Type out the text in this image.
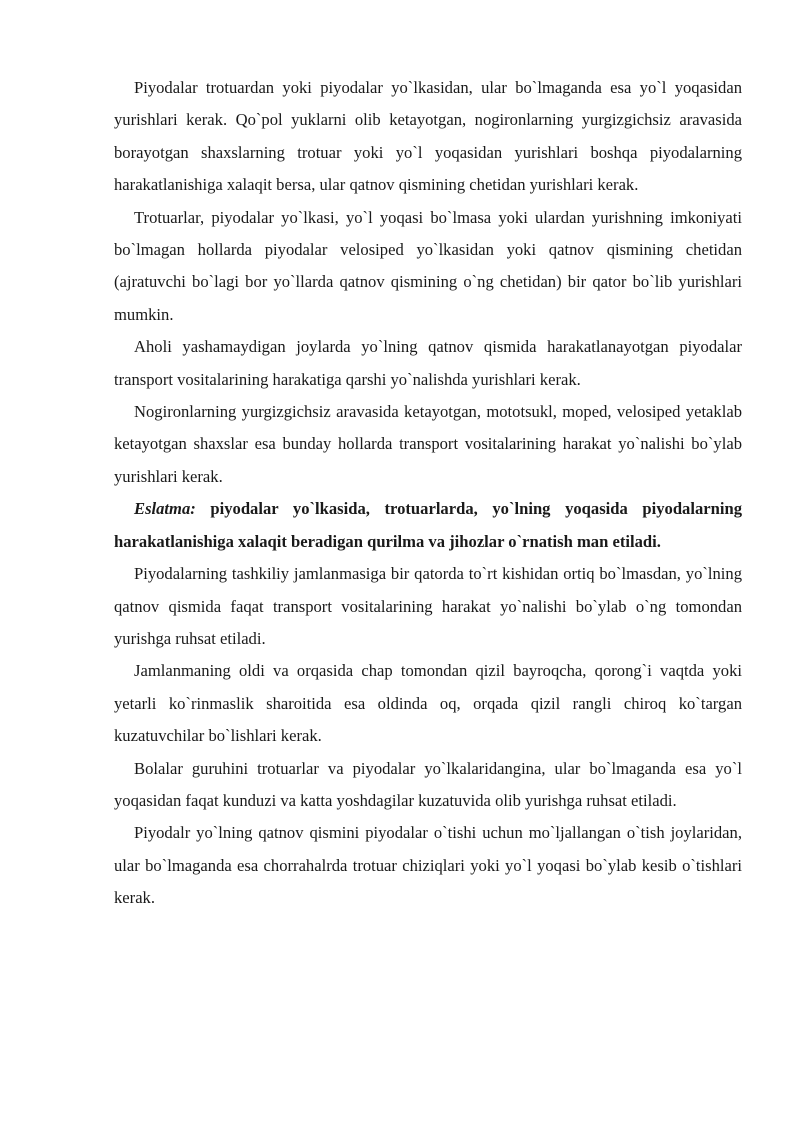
Piyodalar trotuardan yoki piyodalar yo`lkasidan, ular bo`lmaganda esa yo`l yoqasidan yurishlari kerak. Qo`pol yuklarni olib ketayotgan, nogironlarning yurgizgichsiz aravasida borayotgan shaxslarning trotuar yoki yo`l yoqasidan yurishlari boshqa piyodalarning harakatlanishiga xalaqit bersa, ular qatnov qismining chetidan yurishlari kerak.

Trotuarlar, piyodalar yo`lkasi, yo`l yoqasi bo`lmasa yoki ulardan yurishning imkoniyati bo`lmagan hollarda piyodalar velosiped yo`lkasidan yoki qatnov qismining chetidan (ajratuvchi bo`lagi bor yo`llarda qatnov qismining o`ng chetidan) bir qator bo`lib yurishlari mumkin.

Aholi yashamaydigan joylarda yo`lning qatnov qismida harakatlanayotgan piyodalar transport vositalarining harakatiga qarshi yo`nalishda yurishlari kerak.

Nogironlarning yurgizgichsiz aravasida ketayotgan, mototsukl, moped, velosiped yetaklab ketayotgan shaxslar esa bunday hollarda transport vositalarining harakat yo`nalishi bo`ylab yurishlari kerak.

Eslatma: piyodalar yo`lkasida, trotuarlarda, yo`lning yoqasida piyodalarning harakatlanishiga xalaqit beradigan qurilma va jihozlar o`rnatish man etiladi.

Piyodalarning tashkiliy jamlanmasiga bir qatorda to`rt kishidan ortiq bo`lmasdan, yo`lning qatnov qismida faqat transport vositalarining harakat yo`nalishi bo`ylab o`ng tomondan yurishga ruhsat etiladi.

Jamlanmaning oldi va orqasida chap tomondan qizil bayroqcha, qorong`i vaqtda yoki yetarli ko`rinmaslik sharoitida esa oldinda oq, orqada qizil rangli chiroq ko`targan kuzatuvchilar bo`lishlari kerak.

Bolalar guruhini trotuarlar va piyodalar yo`lkalaridangina, ular bo`lmaganda esa yo`l yoqasidan faqat kunduzi va katta yoshdagilar kuzatuvida olib yurishga ruhsat etiladi.

Piyodalr yo`lning qatnov qismini piyodalar o`tishi uchun mo`ljallangan o`tish joylaridan, ular bo`lmaganda esa chorrahalrda trotuar chiziqlari yoki yo`l yoqasi bo`ylab kesib o`tishlari kerak.
